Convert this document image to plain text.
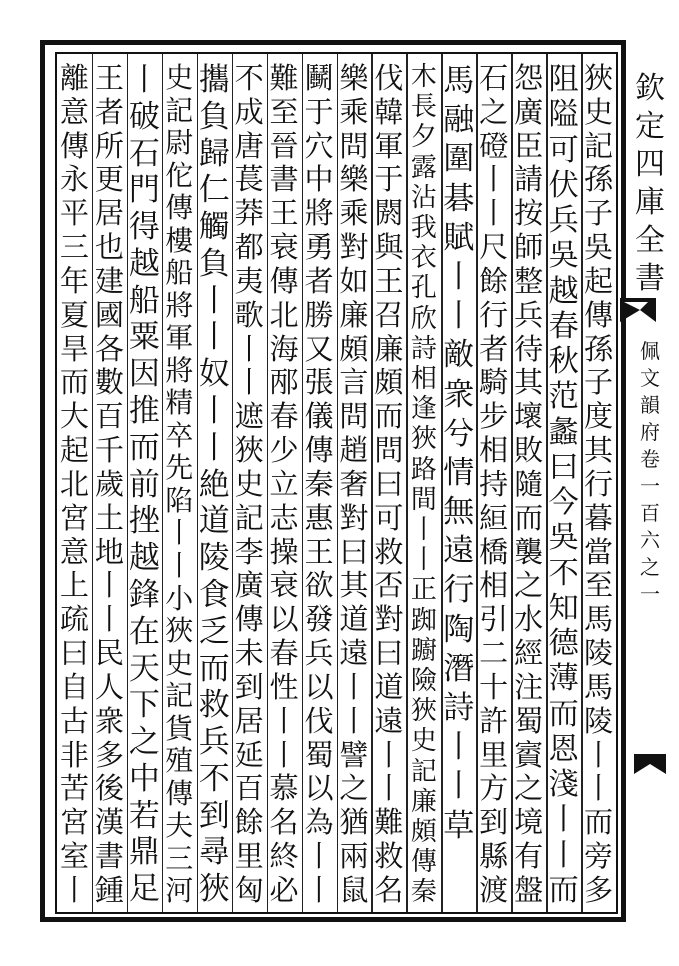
狹
史
記
孫
子
吳
起
傳
孫
子
度
其
行
暮
當
至
馬
陵
馬
陵
丨
丨
而
旁
多
阻
隘
可
伏
兵
吳
越
春
秋
范
蠡
曰
今
吳
不
知
德
薄
而
恩
淺
丨
丨
而
怨
廣
臣
請
按
師
整
兵
待
其
壞
敗
隨
而
襲
之
水
經
注
蜀
賨
之
境
有
盤
石
之
磴
丨
丨
尺
餘
行
者
騎
步
相
持
絙
橋
相
引
二
十
許
里
方
到
縣
渡
馬
融
圍
碁
賦
丨
丨
敵
衆
兮
情
無
遠
行
陶
潛
詩
丨
丨
草
木
長
夕
露
沾
我
衣
孔
欣
詩
相
逢
狹
路
間
丨
丨
正
踟
躕
險
狹
史
記
廉
頗
傳
秦
伐
韓
軍
于
閼
與
王
召
廉
頗
而
問
曰
可
救
否
對
曰
道
遠
丨
丨
難
救
名
樂
乘
問
樂
乘
對
如
廉
頗
言
問
趙
奢
對
曰
其
道
遠
丨
丨
譬
之
猶
兩
鼠
鬭
于
穴
中
將
勇
者
勝
又
張
儀
傳
秦
惠
王
欲
發
兵
以
伐
蜀
以
為
丨
丨
難
至
晉
書
王
衰
傳
北
海
邴
春
少
立
志
操
衰
以
春
性
丨
丨
慕
名
終
必
不
成
唐
萇
莽
都
夷
歌
丨
丨
遮
狹
史
記
李
廣
傳
未
到
居
延
百
餘
里
匈
攜
負
歸
仁
觸
負
丨
丨
奴
丨
丨
絶
道
陵
食
乏
而
救
兵
不
到
尋
狹
史
記
尉
佗
傳
樓
船
將
軍
將
精
卒
先
陷
丨
丨
小
狹
史
記
貨
殖
傳
夫
三
河
丨
破
石
門
得
越
船
粟
因
推
而
前
挫
越
鋒
在
天
下
之
中
若
鼎
足
王
者
所
更
居
也
建
國
各
數
百
千
歲
土
地
丨
丨
民
人
衆
多
後
漢
書
鍾
離
意
傳
永
平
三
年
夏
旱
而
大
起
北
宮
意
上
疏
曰
自
古
非
苦
宮
室
丨
欽
定
四
庫
全
書
佩
文
韻
府
卷
一
百
六
之
一
